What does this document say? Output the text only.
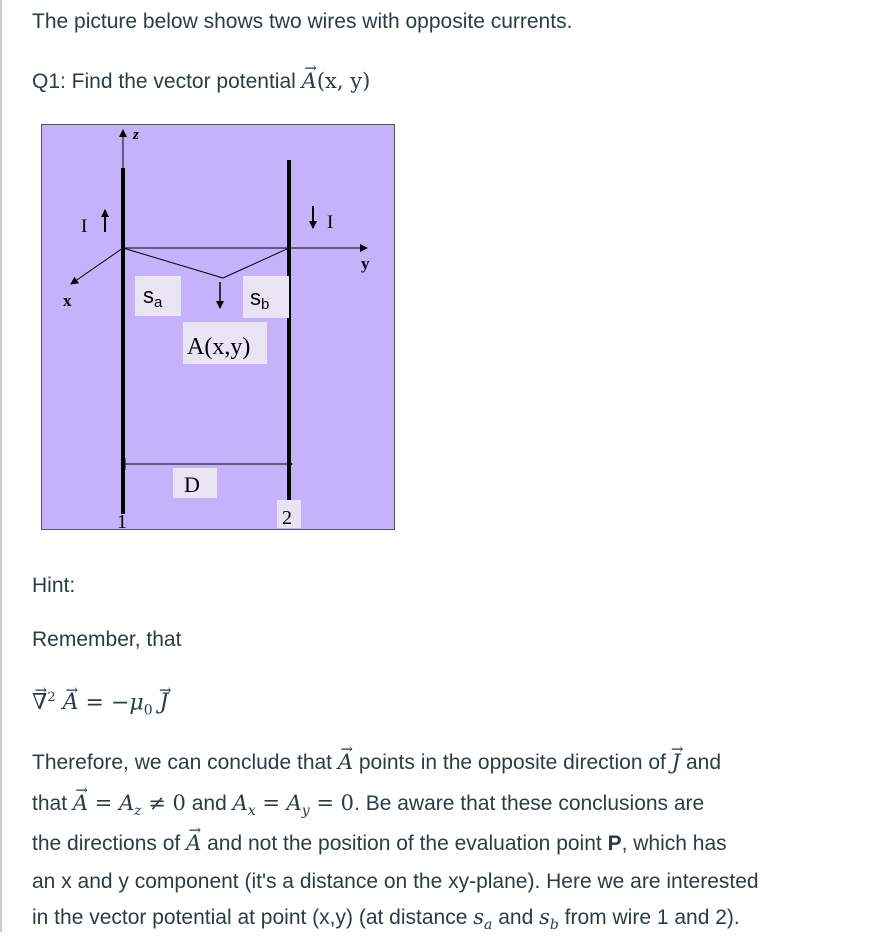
The picture below shows two wires with opposite currents.
Q1: Find the vector potential → A(x, y)
z
y
x
I	I
sa	sb
A(x,y)
D
1	2
Hint:
Remember, that
→ $\nabla^2 \to A = -\mu_0 \to J$
Therefore, we can conclude that → A points in the opposite direction of → J and
that → $A = A_z \ne 0$ and $A_x = A_y = 0$. Be aware that these conclusions are
the directions of → A and not the position of the evaluation point P, which has
an x and y component (it's a distance on the xy-plane). Here we are interested
in the vector potential at point (x,y) (at distance $s_a$ and $s_b$ from wire 1 and 2).
